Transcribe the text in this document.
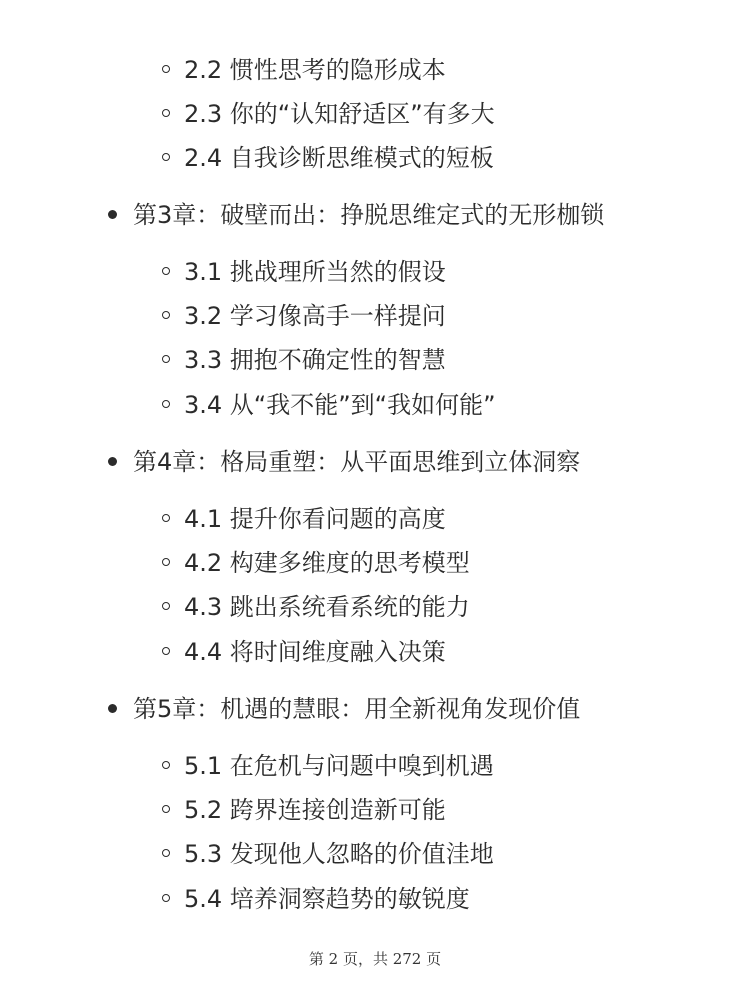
2.2 惯性思考的隐形成本
2.3 你的“认知舒适区”有多大
2.4 自我诊断思维模式的短板
第3章：破壁而出：挣脱思维定式的无形枷锁
3.1 挑战理所当然的假设
3.2 学习像高手一样提问
3.3 拥抱不确定性的智慧
3.4 从“我不能”到“我如何能”
第4章：格局重塑：从平面思维到立体洞察
4.1 提升你看问题的高度
4.2 构建多维度的思考模型
4.3 跳出系统看系统的能力
4.4 将时间维度融入决策
第5章：机遇的慧眼：用全新视角发现价值
5.1 在危机与问题中嗅到机遇
5.2 跨界连接创造新可能
5.3 发现他人忽略的价值洼地
5.4 培养洞察趋势的敏锐度
第 2 页，共 272 页
